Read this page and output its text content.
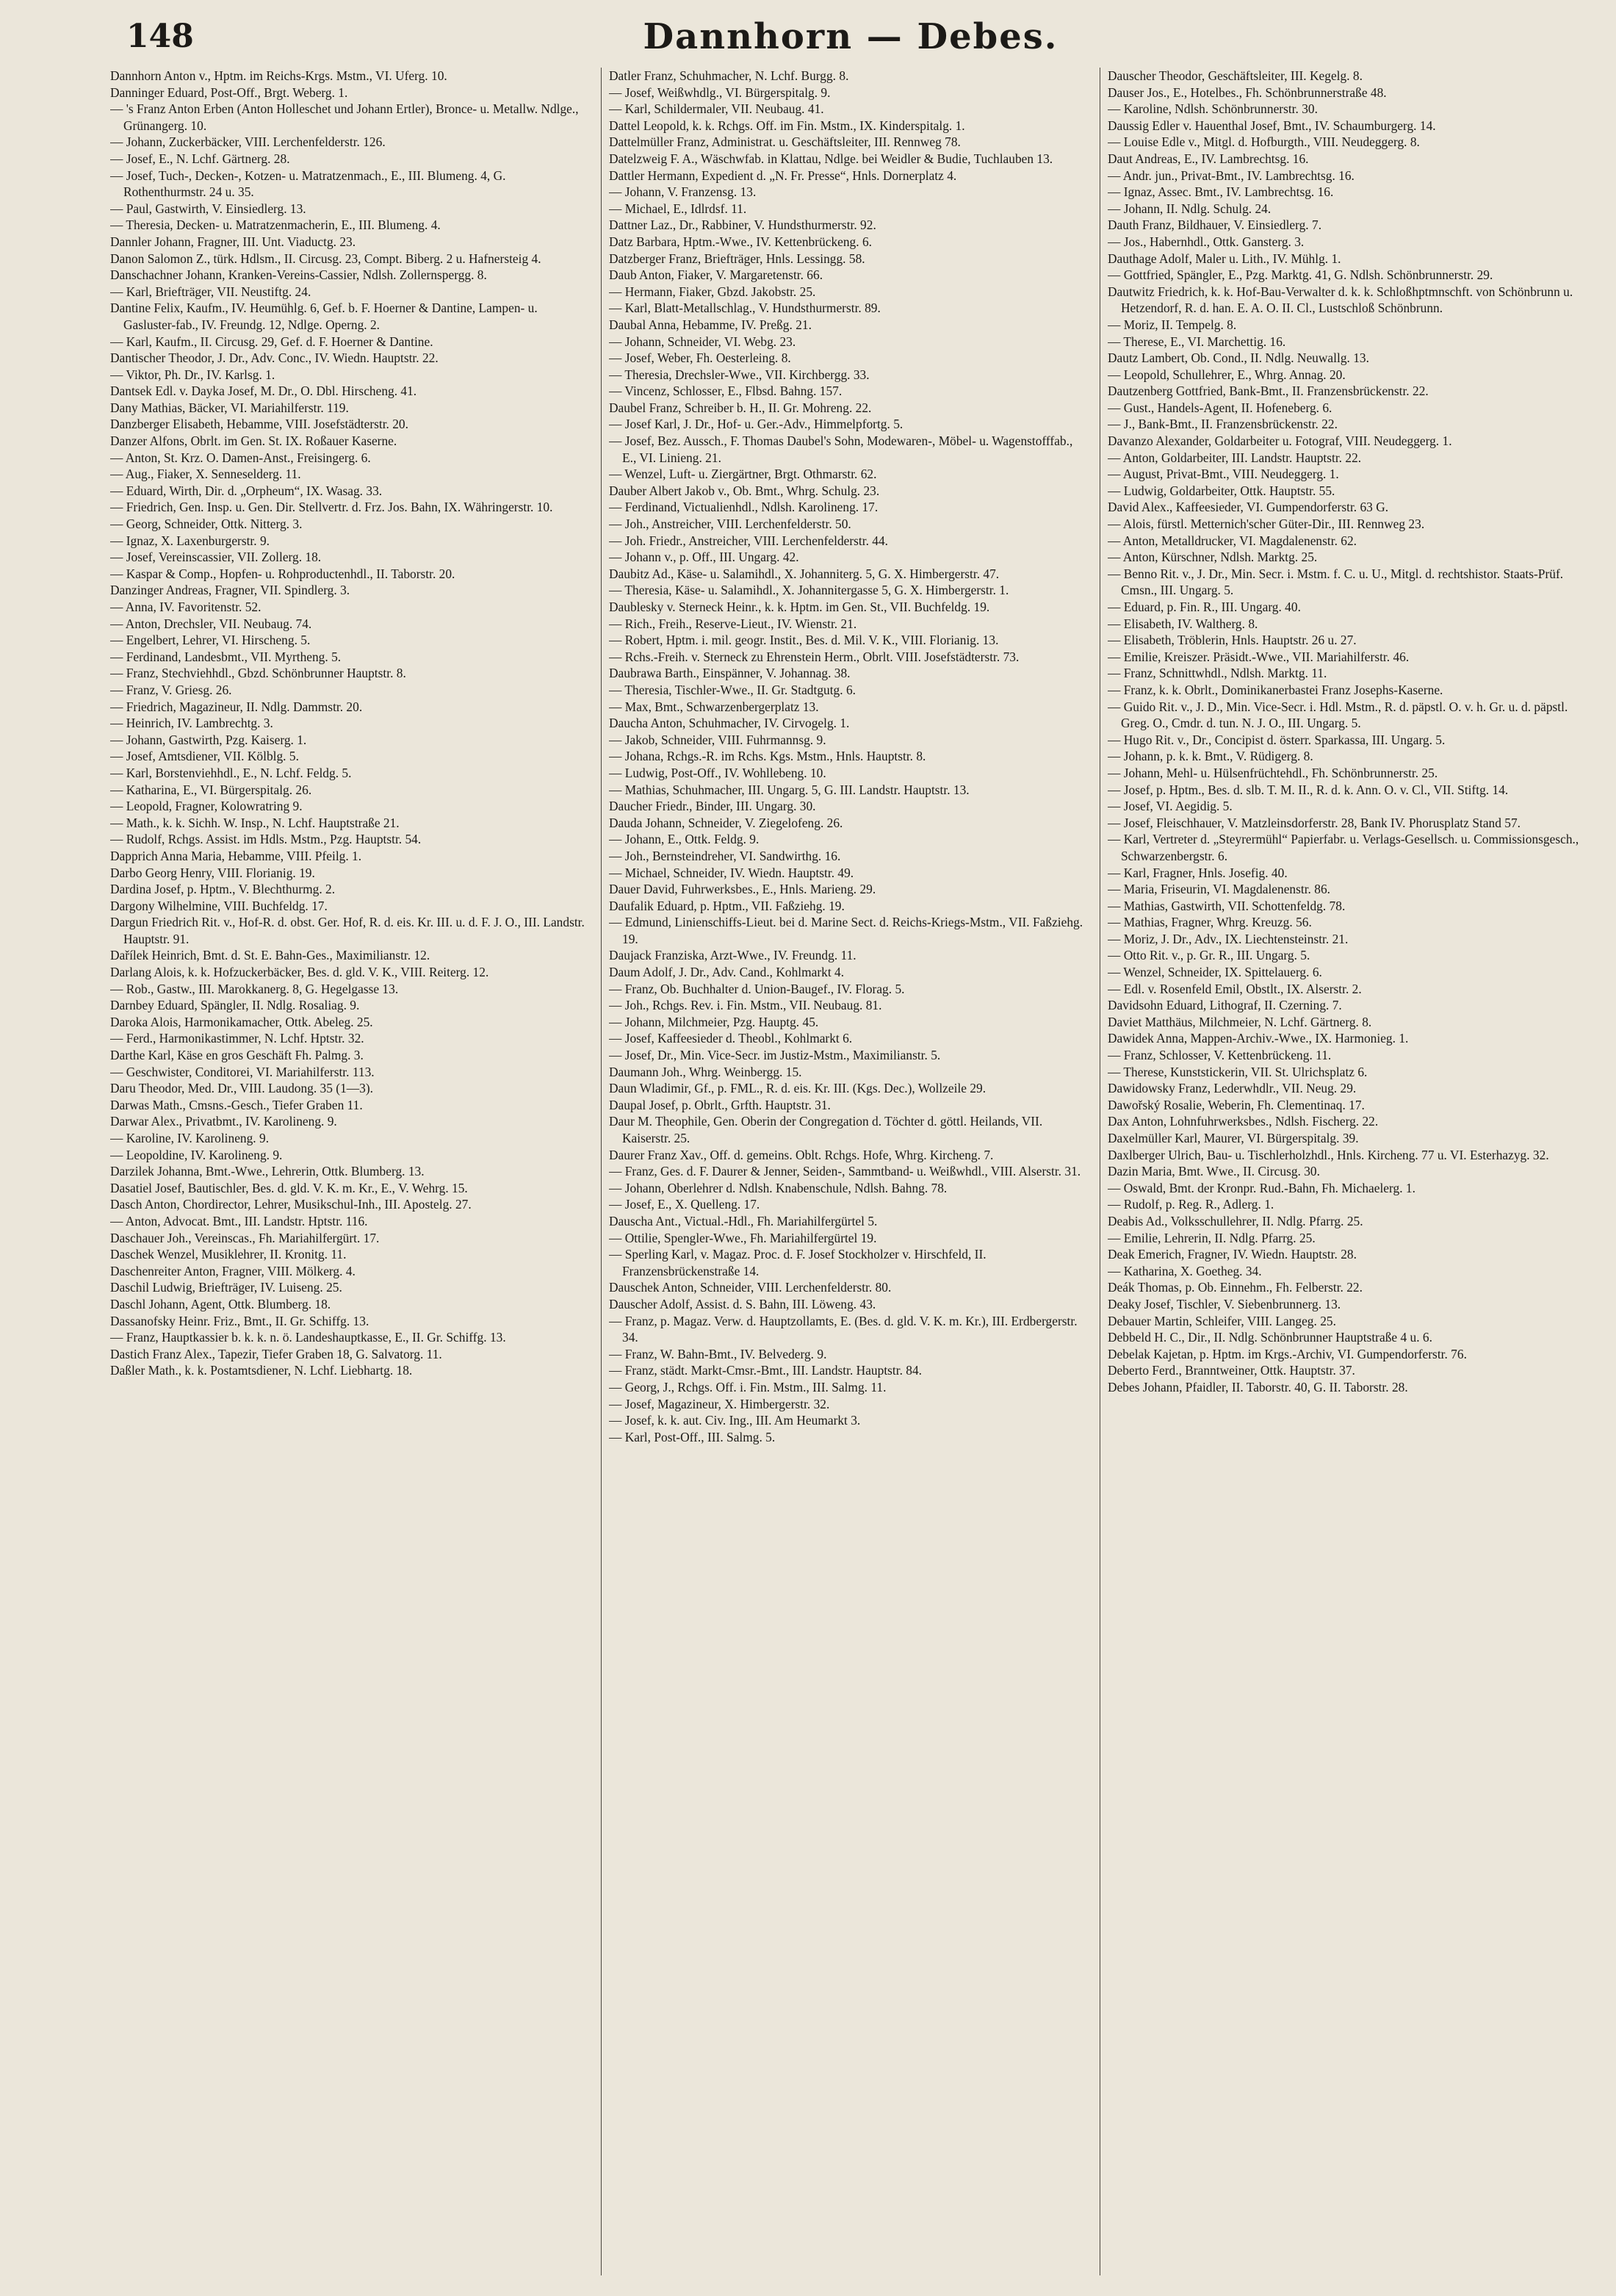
148	Dannhorn — Debes.

Dannhorn Anton v., Hptm. im Reichs-Krgs. Mstm., VI. Uferg. 10.

Danninger Eduard, Post-Off., Brgt. Weberg. 1.

— 's Franz Anton Erben (Anton Holleschet und Johann Ertler), Bronce- u. Metallw. Ndlge., Grünangerg. 10.

— Johann, Zuckerbäcker, VIII. Lerchenfelderstr. 126.

— Josef, E., N. Lchf. Gärtnerg. 28.

— Josef, Tuch-, Decken-, Kotzen- u. Matratzenmach., E., III. Blumeng. 4, G. Rothenthurmstr. 24 u. 35.

— Paul, Gastwirth, V. Einsiedlerg. 13.

— Theresia, Decken- u. Matratzenmacherin, E., III. Blumeng. 4.

Dannler Johann, Fragner, III. Unt. Viaductg. 23.

Danon Salomon Z., türk. Hdlsm., II. Circusg. 23, Compt. Biberg. 2 u. Hafnersteig 4.

Danschachner Johann, Kranken-Vereins-Cassier, Ndlsh. Zollernspergg. 8.

— Karl, Briefträger, VII. Neustiftg. 24.

Dantine Felix, Kaufm., IV. Heumühlg. 6, Gef. b. F. Hoerner & Dantine, Lampen- u. Gasluster-fab., IV. Freundg. 12, Ndlge. Operng. 2.

— Karl, Kaufm., II. Circusg. 29, Gef. d. F. Hoerner & Dantine.

Dantischer Theodor, J. Dr., Adv. Conc., IV. Wiedn. Hauptstr. 22.

— Viktor, Ph. Dr., IV. Karlsg. 1.

Dantsek Edl. v. Dayka Josef, M. Dr., O. Dbl. Hirscheng. 41.

Dany Mathias, Bäcker, VI. Mariahilferstr. 119.

Danzberger Elisabeth, Hebamme, VIII. Josefstädterstr. 20.

Danzer Alfons, Obrlt. im Gen. St. IX. Roßauer Kaserne.

— Anton, St. Krz. O. Damen-Anst., Freisingerg. 6.

— Aug., Fiaker, X. Senneselderg. 11.

— Eduard, Wirth, Dir. d. „Orpheum“, IX. Wasag. 33.

— Friedrich, Gen. Insp. u. Gen. Dir. Stellvertr. d. Frz. Jos. Bahn, IX. Währingerstr. 10.

— Georg, Schneider, Ottk. Nitterg. 3.

— Ignaz, X. Laxenburgerstr. 9.

— Josef, Vereinscassier, VII. Zollerg. 18.

— Kaspar & Comp., Hopfen- u. Rohproductenhdl., II. Taborstr. 20.

Danzinger Andreas, Fragner, VII. Spindlerg. 3.

— Anna, IV. Favoritenstr. 52.

— Anton, Drechsler, VII. Neubaug. 74.

— Engelbert, Lehrer, VI. Hirscheng. 5.

— Ferdinand, Landesbmt., VII. Myrtheng. 5.

— Franz, Stechviehhdl., Gbzd. Schönbrunner Hauptstr. 8.

— Franz, V. Griesg. 26.

— Friedrich, Magazineur, II. Ndlg. Dammstr. 20.

— Heinrich, IV. Lambrechtg. 3.

— Johann, Gastwirth, Pzg. Kaiserg. 1.

— Josef, Amtsdiener, VII. Kölblg. 5.

— Karl, Borstenviehhdl., E., N. Lchf. Feldg. 5.

— Katharina, E., VI. Bürgerspitalg. 26.

— Leopold, Fragner, Kolowratring 9.

— Math., k. k. Sichh. W. Insp., N. Lchf. Hauptstraße 21.

— Rudolf, Rchgs. Assist. im Hdls. Mstm., Pzg. Hauptstr. 54.

Dapprich Anna Maria, Hebamme, VIII. Pfeilg. 1.

Darbo Georg Henry, VIII. Florianig. 19.

Dardina Josef, p. Hptm., V. Blechthurmg. 2.

Dargony Wilhelmine, VIII. Buchfeldg. 17.

Dargun Friedrich Rit. v., Hof-R. d. obst. Ger. Hof, R. d. eis. Kr. III. u. d. F. J. O., III. Landstr. Hauptstr. 91.

Dařílek Heinrich, Bmt. d. St. E. Bahn-Ges., Maximilianstr. 12.

Darlang Alois, k. k. Hofzuckerbäcker, Bes. d. gld. V. K., VIII. Reiterg. 12.

— Rob., Gastw., III. Marokkanerg. 8, G. Hegelgasse 13.

Darnbey Eduard, Spängler, II. Ndlg. Rosaliag. 9.

Daroka Alois, Harmonikamacher, Ottk. Abeleg. 25.

— Ferd., Harmonikastimmer, N. Lchf. Hptstr. 32.

Darthe Karl, Käse en gros Geschäft Fh. Palmg. 3.

— Geschwister, Conditorei, VI. Mariahilferstr. 113.

Daru Theodor, Med. Dr., VIII. Laudong. 35 (1—3).

Darwas Math., Cmsns.-Gesch., Tiefer Graben 11.

Darwar Alex., Privatbmt., IV. Karolineng. 9.

— Karoline, IV. Karolineng. 9.

— Leopoldine, IV. Karolineng. 9.

Darzilek Johanna, Bmt.-Wwe., Lehrerin, Ottk. Blumberg. 13.

Dasatiel Josef, Bautischler, Bes. d. gld. V. K. m. Kr., E., V. Wehrg. 15.

Dasch Anton, Chordirector, Lehrer, Musikschul-Inh., III. Apostelg. 27.

— Anton, Advocat. Bmt., III. Landstr. Hptstr. 116.

Daschauer Joh., Vereinscas., Fh. Mariahilfergürt. 17.

Daschek Wenzel, Musiklehrer, II. Kronitg. 11.

Daschenreiter Anton, Fragner, VIII. Mölkerg. 4.

Daschil Ludwig, Briefträger, IV. Luiseng. 25.

Daschl Johann, Agent, Ottk. Blumberg. 18.

Dassanofsky Heinr. Friz., Bmt., II. Gr. Schiffg. 13.

— Franz, Hauptkassier b. k. k. n. ö. Landeshauptkasse, E., II. Gr. Schiffg. 13.

Dastich Franz Alex., Tapezir, Tiefer Graben 18, G. Salvatorg. 11.

Daßler Math., k. k. Postamtsdiener, N. Lchf. Liebhartg. 18.

Datler Franz, Schuhmacher, N. Lchf. Burgg. 8.

— Josef, Weißwhdlg., VI. Bürgerspitalg. 9.

— Karl, Schildermaler, VII. Neubaug. 41.

Dattel Leopold, k. k. Rchgs. Off. im Fin. Mstm., IX. Kinderspitalg. 1.

Dattelmüller Franz, Administrat. u. Geschäftsleiter, III. Rennweg 78.

Datelzweig F. A., Wäschwfab. in Klattau, Ndlge. bei Weidler & Budie, Tuchlauben 13.

Dattler Hermann, Expedient d. „N. Fr. Presse“, Hnls. Dornerplatz 4.

— Johann, V. Franzensg. 13.

— Michael, E., Idlrdsf. 11.

Dattner Laz., Dr., Rabbiner, V. Hundsthurmerstr. 92.

Datz Barbara, Hptm.-Wwe., IV. Kettenbrückeng. 6.

Datzberger Franz, Briefträger, Hnls. Lessingg. 58.

Daub Anton, Fiaker, V. Margaretenstr. 66.

— Hermann, Fiaker, Gbzd. Jakobstr. 25.

— Karl, Blatt-Metallschlag., V. Hundsthurmerstr. 89.

Daubal Anna, Hebamme, IV. Preßg. 21.

— Johann, Schneider, VI. Webg. 23.

— Josef, Weber, Fh. Oesterleing. 8.

— Theresia, Drechsler-Wwe., VII. Kirchbergg. 33.

— Vincenz, Schlosser, E., Flbsd. Bahng. 157.

Daubel Franz, Schreiber b. H., II. Gr. Mohreng. 22.

— Josef Karl, J. Dr., Hof- u. Ger.-Adv., Himmelpfortg. 5.

— Josef, Bez. Aussch., F. Thomas Daubel's Sohn, Modewaren-, Möbel- u. Wagenstofffab., E., VI. Linieng. 21.

— Wenzel, Luft- u. Ziergärtner, Brgt. Othmarstr. 62.

Dauber Albert Jakob v., Ob. Bmt., Whrg. Schulg. 23.

— Ferdinand, Victualienhdl., Ndlsh. Karolineng. 17.

— Joh., Anstreicher, VIII. Lerchenfelderstr. 50.

— Joh. Friedr., Anstreicher, VIII. Lerchenfelderstr. 44.

— Johann v., p. Off., III. Ungarg. 42.

Daubitz Ad., Käse- u. Salamihdl., X. Johanniterg. 5, G. X. Himbergerstr. 47.

— Theresia, Käse- u. Salamihdl., X. Johannitergasse 5, G. X. Himbergerstr. 1.

Daublesky v. Sterneck Heinr., k. k. Hptm. im Gen. St., VII. Buchfeldg. 19.

— Rich., Freih., Reserve-Lieut., IV. Wienstr. 21.

— Robert, Hptm. i. mil. geogr. Instit., Bes. d. Mil. V. K., VIII. Florianig. 13.

— Rchs.-Freih. v. Sterneck zu Ehrenstein Herm., Obrlt. VIII. Josefstädterstr. 73.

Daubrawa Barth., Einspänner, V. Johannag. 38.

— Theresia, Tischler-Wwe., II. Gr. Stadtgutg. 6.

— Max, Bmt., Schwarzenbergerplatz 13.

Daucha Anton, Schuhmacher, IV. Cirvogelg. 1.

— Jakob, Schneider, VIII. Fuhrmannsg. 9.

— Johana, Rchgs.-R. im Rchs. Kgs. Mstm., Hnls. Hauptstr. 8.

— Ludwig, Post-Off., IV. Wohllebeng. 10.

— Mathias, Schuhmacher, III. Ungarg. 5, G. III. Landstr. Hauptstr. 13.

Daucher Friedr., Binder, III. Ungarg. 30.

Dauda Johann, Schneider, V. Ziegelofeng. 26.

— Johann, E., Ottk. Feldg. 9.

— Joh., Bernsteindreher, VI. Sandwirthg. 16.

— Michael, Schneider, IV. Wiedn. Hauptstr. 49.

Dauer David, Fuhrwerksbes., E., Hnls. Marieng. 29.

Daufalik Eduard, p. Hptm., VII. Faßziehg. 19.

— Edmund, Linienschiffs-Lieut. bei d. Marine Sect. d. Reichs-Kriegs-Mstm., VII. Faßziehg. 19.

Daujack Franziska, Arzt-Wwe., IV. Freundg. 11.

Daum Adolf, J. Dr., Adv. Cand., Kohlmarkt 4.

— Franz, Ob. Buchhalter d. Union-Baugef., IV. Florag. 5.

— Joh., Rchgs. Rev. i. Fin. Mstm., VII. Neubaug. 81.

— Johann, Milchmeier, Pzg. Hauptg. 45.

— Josef, Kaffeesieder d. Theobl., Kohlmarkt 6.

— Josef, Dr., Min. Vice-Secr. im Justiz-Mstm., Maximilianstr. 5.

Daumann Joh., Whrg. Weinbergg. 15.

Daun Wladimir, Gf., p. FML., R. d. eis. Kr. III. (Kgs. Dec.), Wollzeile 29.

Daupal Josef, p. Obrlt., Grfth. Hauptstr. 31.

Daur M. Theophile, Gen. Oberin der Congregation d. Töchter d. göttl. Heilands, VII. Kaiserstr. 25.

Daurer Franz Xav., Off. d. gemeins. Oblt. Rchgs. Hofe, Whrg. Kircheng. 7.

— Franz, Ges. d. F. Daurer & Jenner, Seiden-, Sammtband- u. Weißwhdl., VIII. Alserstr. 31.

— Johann, Oberlehrer d. Ndlsh. Knabenschule, Ndlsh. Bahng. 78.

— Josef, E., X. Quelleng. 17.

Dauscha Ant., Victual.-Hdl., Fh. Mariahilfergürtel 5.

— Ottilie, Spengler-Wwe., Fh. Mariahilfergürtel 19.

— Sperling Karl, v. Magaz. Proc. d. F. Josef Stockholzer v. Hirschfeld, II. Franzensbrückenstraße 14.

Dauschek Anton, Schneider, VIII. Lerchenfelderstr. 80.

Dauscher Adolf, Assist. d. S. Bahn, III. Löweng. 43.

— Franz, p. Magaz. Verw. d. Hauptzollamts, E. (Bes. d. gld. V. K. m. Kr.), III. Erdbergerstr. 34.

— Franz, W. Bahn-Bmt., IV. Belvederg. 9.

— Franz, städt. Markt-Cmsr.-Bmt., III. Landstr. Hauptstr. 84.

— Georg, J., Rchgs. Off. i. Fin. Mstm., III. Salmg. 11.

— Josef, Magazineur, X. Himbergerstr. 32.

— Josef, k. k. aut. Civ. Ing., III. Am Heumarkt 3.

— Karl, Post-Off., III. Salmg. 5.

Dauscher Theodor, Geschäftsleiter, III. Kegelg. 8.

Dauser Jos., E., Hotelbes., Fh. Schönbrunnerstraße 48.

— Karoline, Ndlsh. Schönbrunnerstr. 30.

Daussig Edler v. Hauenthal Josef, Bmt., IV. Schaumburgerg. 14.

— Louise Edle v., Mitgl. d. Hofburgth., VIII. Neudeggerg. 8.

Daut Andreas, E., IV. Lambrechtsg. 16.

— Andr. jun., Privat-Bmt., IV. Lambrechtsg. 16.

— Ignaz, Assec. Bmt., IV. Lambrechtsg. 16.

— Johann, II. Ndlg. Schulg. 24.

Dauth Franz, Bildhauer, V. Einsiedlerg. 7.

— Jos., Habernhdl., Ottk. Gansterg. 3.

Dauthage Adolf, Maler u. Lith., IV. Mühlg. 1.

— Gottfried, Spängler, E., Pzg. Marktg. 41, G. Ndlsh. Schönbrunnerstr. 29.

Dautwitz Friedrich, k. k. Hof-Bau-Verwalter d. k. k. Schloßhptmnschft. von Schönbrunn u. Hetzendorf, R. d. han. E. A. O. II. Cl., Lustschloß Schönbrunn.

— Moriz, II. Tempelg. 8.

— Therese, E., VI. Marchettig. 16.

Dautz Lambert, Ob. Cond., II. Ndlg. Neuwallg. 13.

— Leopold, Schullehrer, E., Whrg. Annag. 20.

Dautzenberg Gottfried, Bank-Bmt., II. Franzensbrückenstr. 22.

— Gust., Handels-Agent, II. Hofeneberg. 6.

— J., Bank-Bmt., II. Franzensbrückenstr. 22.

Davanzo Alexander, Goldarbeiter u. Fotograf, VIII. Neudeggerg. 1.

— Anton, Goldarbeiter, III. Landstr. Hauptstr. 22.

— August, Privat-Bmt., VIII. Neudeggerg. 1.

— Ludwig, Goldarbeiter, Ottk. Hauptstr. 55.

David Alex., Kaffeesieder, VI. Gumpendorferstr. 63 G.

— Alois, fürstl. Metternich'scher Güter-Dir., III. Rennweg 23.

— Anton, Metalldrucker, VI. Magdalenenstr. 62.

— Anton, Kürschner, Ndlsh. Marktg. 25.

— Benno Rit. v., J. Dr., Min. Secr. i. Mstm. f. C. u. U., Mitgl. d. rechtshistor. Staats-Prüf. Cmsn., III. Ungarg. 5.

— Eduard, p. Fin. R., III. Ungarg. 40.

— Elisabeth, IV. Waltherg. 8.

— Elisabeth, Tröblerin, Hnls. Hauptstr. 26 u. 27.

— Emilie, Kreiszer. Präsidt.-Wwe., VII. Mariahilferstr. 46.

— Franz, Schnittwhdl., Ndlsh. Marktg. 11.

— Franz, k. k. Obrlt., Dominikanerbastei Franz Josephs-Kaserne.

— Guido Rit. v., J. D., Min. Vice-Secr. i. Hdl. Mstm., R. d. päpstl. O. v. h. Gr. u. d. päpstl. Greg. O., Cmdr. d. tun. N. J. O., III. Ungarg. 5.

— Hugo Rit. v., Dr., Concipist d. österr. Sparkassa, III. Ungarg. 5.

— Johann, p. k. k. Bmt., V. Rüdigerg. 8.

— Johann, Mehl- u. Hülsenfrüchtehdl., Fh. Schönbrunnerstr. 25.

— Josef, p. Hptm., Bes. d. slb. T. M. II., R. d. k. Ann. O. v. Cl., VII. Stiftg. 14.

— Josef, VI. Aegidig. 5.

— Josef, Fleischhauer, V. Matzleinsdorferstr. 28, Bank IV. Phorusplatz Stand 57.

— Karl, Vertreter d. „Steyrermühl“ Papierfabr. u. Verlags-Gesellsch. u. Commissionsgesch., Schwarzenbergstr. 6.

— Karl, Fragner, Hnls. Josefig. 40.

— Maria, Friseurin, VI. Magdalenenstr. 86.

— Mathias, Gastwirth, VII. Schottenfeldg. 78.

— Mathias, Fragner, Whrg. Kreuzg. 56.

— Moriz, J. Dr., Adv., IX. Liechtensteinstr. 21.

— Otto Rit. v., p. Gr. R., III. Ungarg. 5.

— Wenzel, Schneider, IX. Spittelauerg. 6.

— Edl. v. Rosenfeld Emil, Obstlt., IX. Alserstr. 2.

Davidsohn Eduard, Lithograf, II. Czerning. 7.

Daviet Matthäus, Milchmeier, N. Lchf. Gärtnerg. 8.

Dawidek Anna, Mappen-Archiv.-Wwe., IX. Harmonieg. 1.

— Franz, Schlosser, V. Kettenbrückeng. 11.

— Therese, Kunststickerin, VII. St. Ulrichsplatz 6.

Dawidowsky Franz, Lederwhdlr., VII. Neug. 29.

Dawořský Rosalie, Weberin, Fh. Clementinaq. 17.

Dax Anton, Lohnfuhrwerksbes., Ndlsh. Fischerg. 22.

Daxelmüller Karl, Maurer, VI. Bürgerspitalg. 39.

Daxlberger Ulrich, Bau- u. Tischlerholzhdl., Hnls. Kircheng. 77 u. VI. Esterhazyg. 32.

Dazin Maria, Bmt. Wwe., II. Circusg. 30.

— Oswald, Bmt. der Kronpr. Rud.-Bahn, Fh. Michaelerg. 1.

— Rudolf, p. Reg. R., Adlerg. 1.

Deabis Ad., Volksschullehrer, II. Ndlg. Pfarrg. 25.

— Emilie, Lehrerin, II. Ndlg. Pfarrg. 25.

Deak Emerich, Fragner, IV. Wiedn. Hauptstr. 28.

— Katharina, X. Goetheg. 34.

Deák Thomas, p. Ob. Einnehm., Fh. Felberstr. 22.

Deaky Josef, Tischler, V. Siebenbrunnerg. 13.

Debauer Martin, Schleifer, VIII. Langeg. 25.

Debbeld H. C., Dir., II. Ndlg. Schönbrunner Hauptstraße 4 u. 6.

Debelak Kajetan, p. Hptm. im Krgs.-Archiv, VI. Gumpendorferstr. 76.

Deberto Ferd., Branntweiner, Ottk. Hauptstr. 37.

Debes Johann, Pfaidler, II. Taborstr. 40, G. II. Taborstr. 28.
